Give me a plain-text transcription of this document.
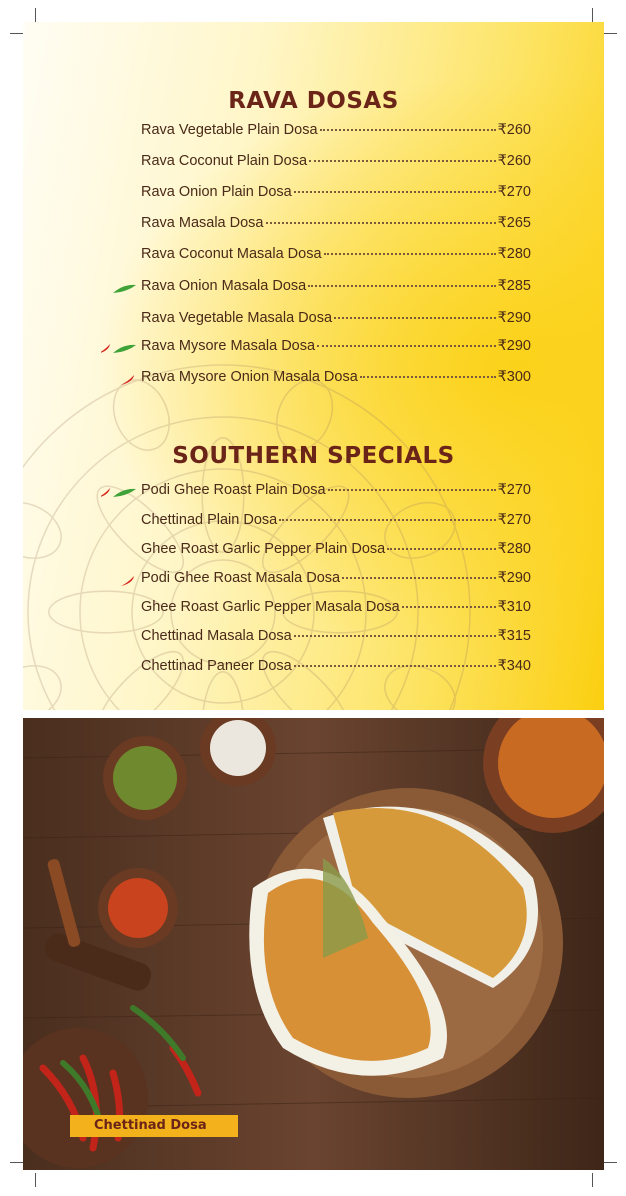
RAVA DOSAS
Rava Vegetable Plain Dosa	₹260
Rava Coconut Plain Dosa	₹260
Rava Onion Plain Dosa	₹270
Rava Masala Dosa	₹265
Rava Coconut Masala Dosa	₹280
Rava Onion Masala Dosa	₹285
Rava Vegetable Masala Dosa	₹290
Rava Mysore Masala Dosa	₹290
Rava Mysore Onion Masala Dosa	₹300
SOUTHERN SPECIALS
Podi Ghee Roast Plain Dosa	₹270
Chettinad Plain Dosa	₹270
Ghee Roast Garlic Pepper Plain Dosa	₹280
Podi Ghee Roast Masala Dosa	₹290
Ghee Roast Garlic Pepper Masala Dosa	₹310
Chettinad Masala Dosa	₹315
Chettinad Paneer Dosa	₹340
Chettinad Dosa
